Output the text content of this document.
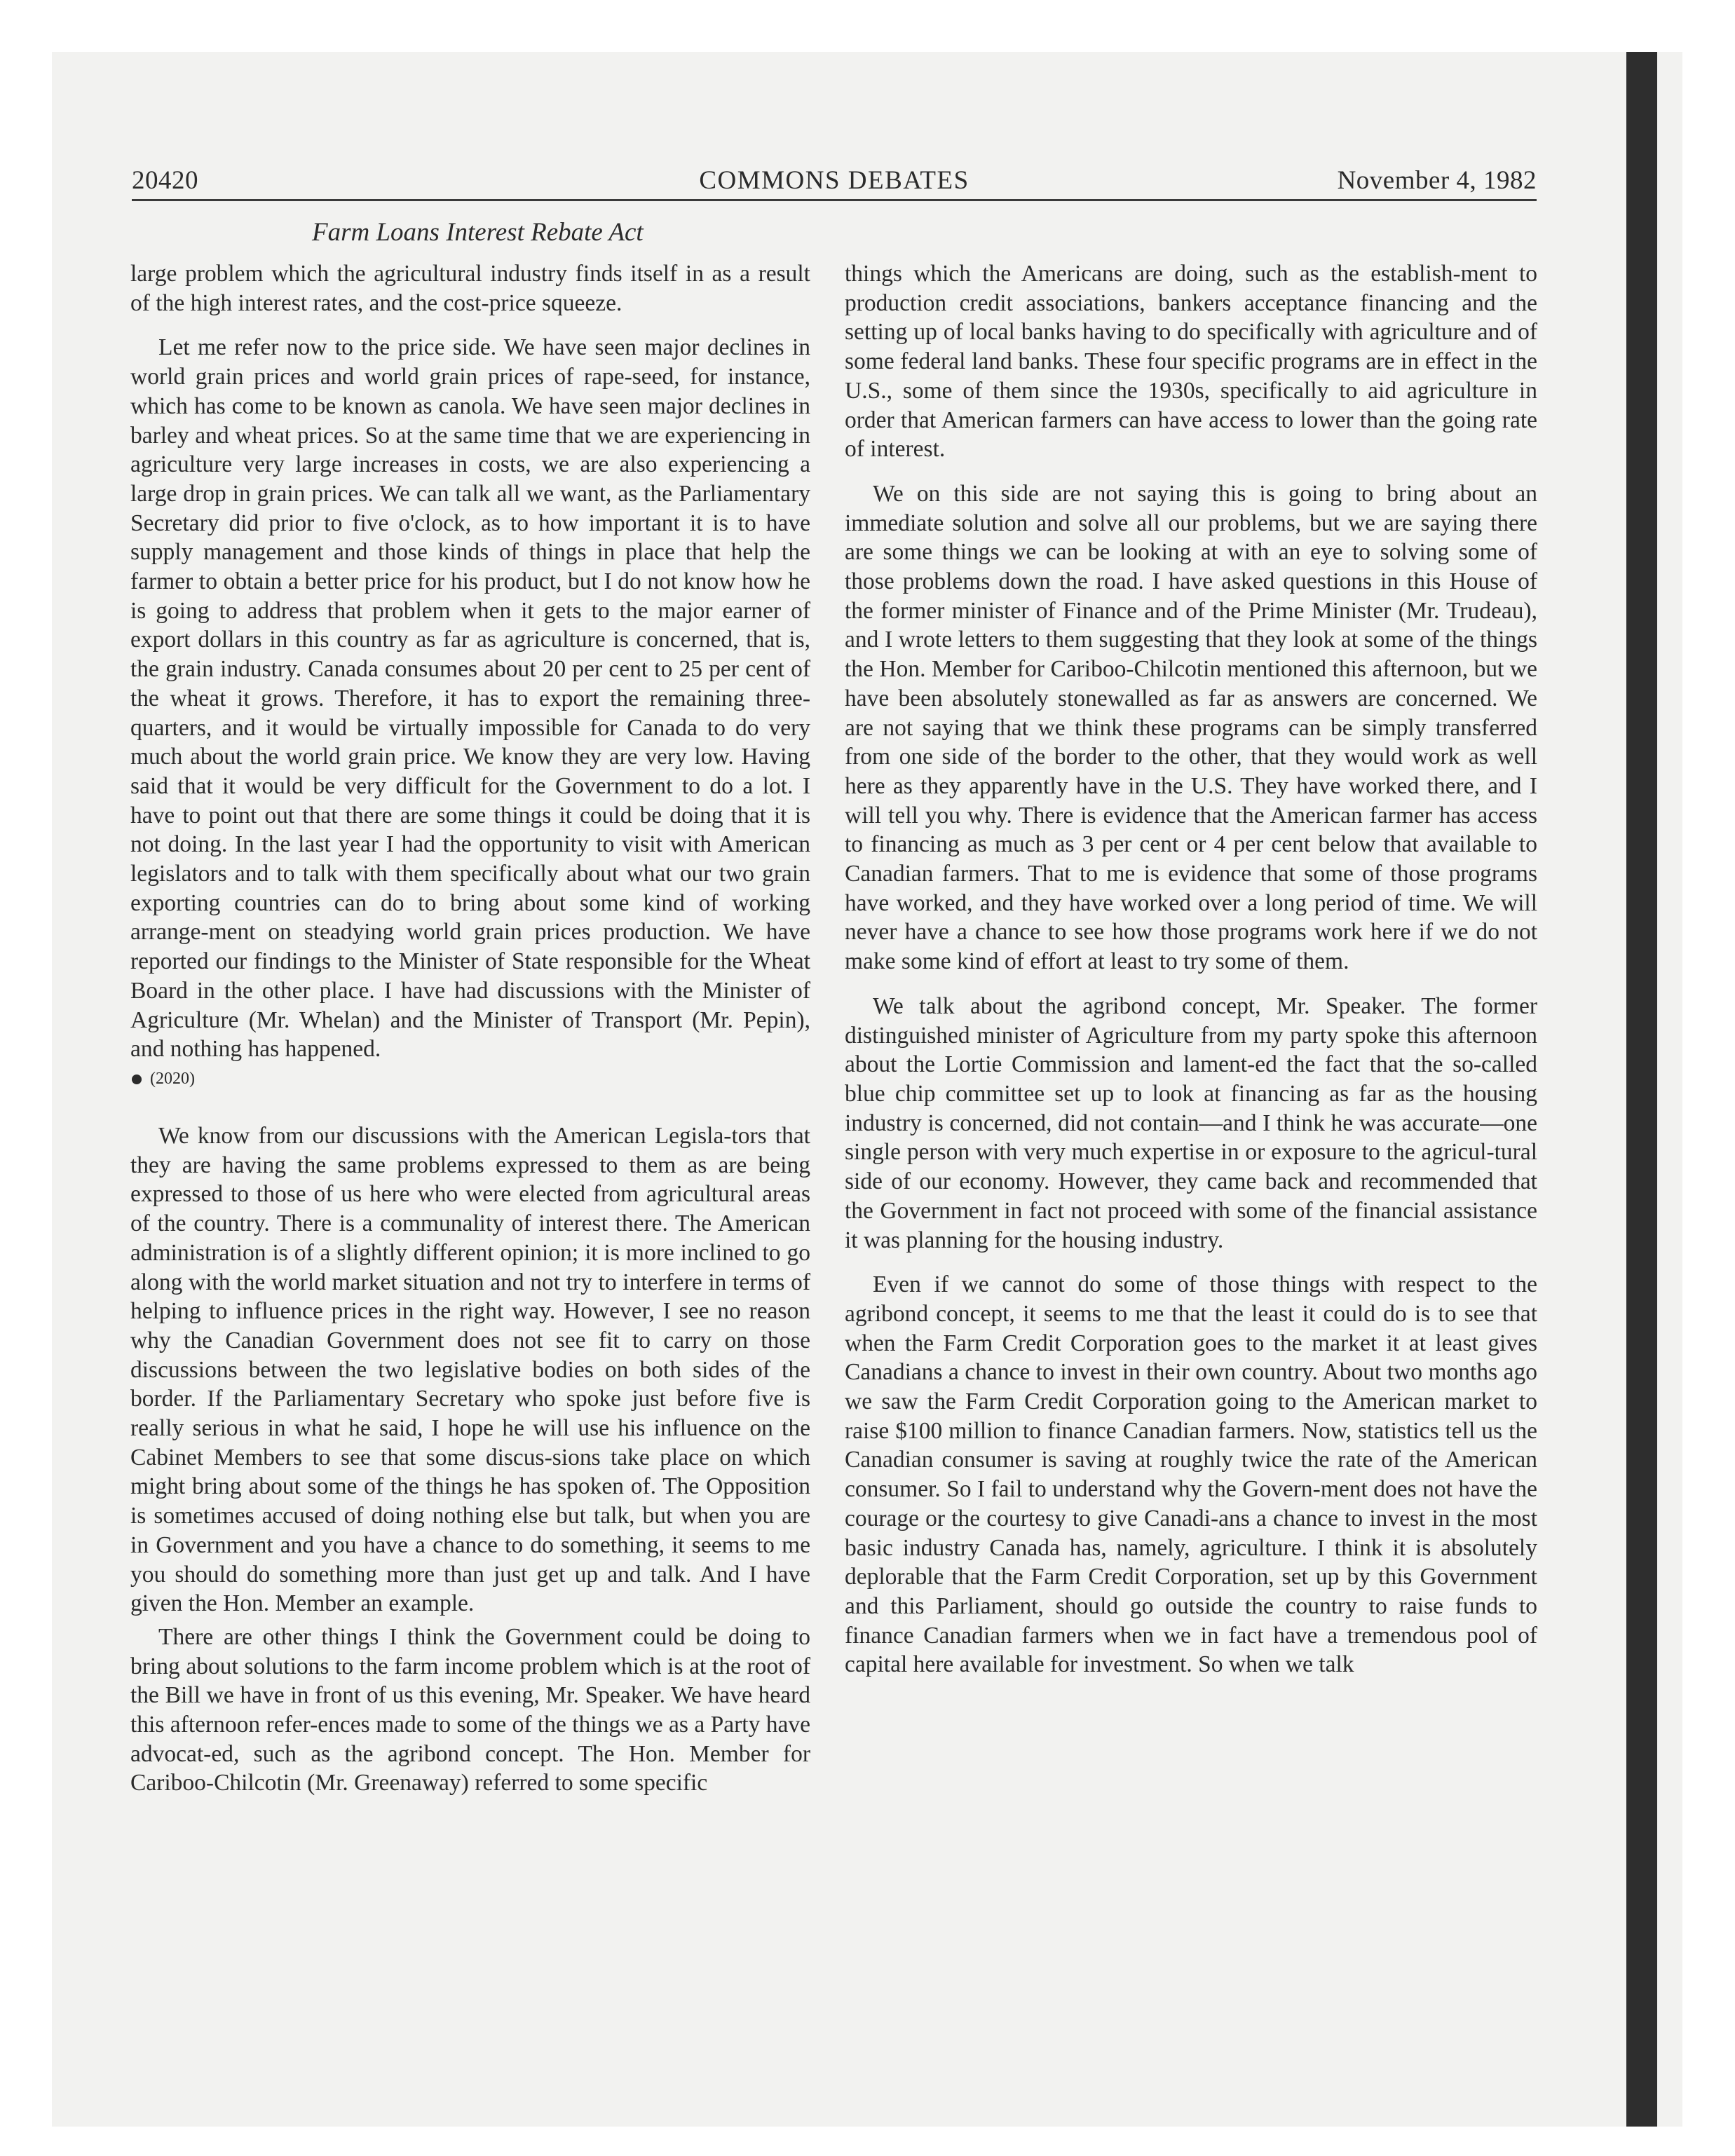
20420	COMMONS DEBATES	November 4, 1982
Farm Loans Interest Rebate Act

large problem which the agricultural industry finds itself in as a result of the high interest rates, and the cost-price squeeze.

Let me refer now to the price side. We have seen major declines in world grain prices and world grain prices of rape-seed, for instance, which has come to be known as canola. We have seen major declines in barley and wheat prices. So at the same time that we are experiencing in agriculture very large increases in costs, we are also experiencing a large drop in grain prices. We can talk all we want, as the Parliamentary Secretary did prior to five o'clock, as to how important it is to have supply management and those kinds of things in place that help the farmer to obtain a better price for his product, but I do not know how he is going to address that problem when it gets to the major earner of export dollars in this country as far as agriculture is concerned, that is, the grain industry. Canada consumes about 20 per cent to 25 per cent of the wheat it grows. Therefore, it has to export the remaining three-quarters, and it would be virtually impossible for Canada to do very much about the world grain price. We know they are very low. Having said that it would be very difficult for the Government to do a lot. I have to point out that there are some things it could be doing that it is not doing. In the last year I had the opportunity to visit with American legislators and to talk with them specifically about what our two grain exporting countries can do to bring about some kind of working arrange-ment on steadying world grain prices production. We have reported our findings to the Minister of State responsible for the Wheat Board in the other place. I have had discussions with the Minister of Agriculture (Mr. Whelan) and the Minister of Transport (Mr. Pepin), and nothing has happened.

(2020)

We know from our discussions with the American Legisla-tors that they are having the same problems expressed to them as are being expressed to those of us here who were elected from agricultural areas of the country. There is a communality of interest there. The American administration is of a slightly different opinion; it is more inclined to go along with the world market situation and not try to interfere in terms of helping to influence prices in the right way. However, I see no reason why the Canadian Government does not see fit to carry on those discussions between the two legislative bodies on both sides of the border. If the Parliamentary Secretary who spoke just before five is really serious in what he said, I hope he will use his influence on the Cabinet Members to see that some discus-sions take place on which might bring about some of the things he has spoken of. The Opposition is sometimes accused of doing nothing else but talk, but when you are in Government and you have a chance to do something, it seems to me you should do something more than just get up and talk. And I have given the Hon. Member an example.

There are other things I think the Government could be doing to bring about solutions to the farm income problem which is at the root of the Bill we have in front of us this evening, Mr. Speaker. We have heard this afternoon refer-ences made to some of the things we as a Party have advocat-ed, such as the agribond concept. The Hon. Member for Cariboo-Chilcotin (Mr. Greenaway) referred to some specific

things which the Americans are doing, such as the establish-ment to production credit associations, bankers acceptance financing and the setting up of local banks having to do specifically with agriculture and of some federal land banks. These four specific programs are in effect in the U.S., some of them since the 1930s, specifically to aid agriculture in order that American farmers can have access to lower than the going rate of interest.

We on this side are not saying this is going to bring about an immediate solution and solve all our problems, but we are saying there are some things we can be looking at with an eye to solving some of those problems down the road. I have asked questions in this House of the former minister of Finance and of the Prime Minister (Mr. Trudeau), and I wrote letters to them suggesting that they look at some of the things the Hon. Member for Cariboo-Chilcotin mentioned this afternoon, but we have been absolutely stonewalled as far as answers are concerned. We are not saying that we think these programs can be simply transferred from one side of the border to the other, that they would work as well here as they apparently have in the U.S. They have worked there, and I will tell you why. There is evidence that the American farmer has access to financing as much as 3 per cent or 4 per cent below that available to Canadian farmers. That to me is evidence that some of those programs have worked, and they have worked over a long period of time. We will never have a chance to see how those programs work here if we do not make some kind of effort at least to try some of them.

We talk about the agribond concept, Mr. Speaker. The former distinguished minister of Agriculture from my party spoke this afternoon about the Lortie Commission and lament-ed the fact that the so-called blue chip committee set up to look at financing as far as the housing industry is concerned, did not contain—and I think he was accurate—one single person with very much expertise in or exposure to the agricul-tural side of our economy. However, they came back and recommended that the Government in fact not proceed with some of the financial assistance it was planning for the housing industry.

Even if we cannot do some of those things with respect to the agribond concept, it seems to me that the least it could do is to see that when the Farm Credit Corporation goes to the market it at least gives Canadians a chance to invest in their own country. About two months ago we saw the Farm Credit Corporation going to the American market to raise $100 million to finance Canadian farmers. Now, statistics tell us the Canadian consumer is saving at roughly twice the rate of the American consumer. So I fail to understand why the Govern-ment does not have the courage or the courtesy to give Canadi-ans a chance to invest in the most basic industry Canada has, namely, agriculture. I think it is absolutely deplorable that the Farm Credit Corporation, set up by this Government and this Parliament, should go outside the country to raise funds to finance Canadian farmers when we in fact have a tremendous pool of capital here available for investment. So when we talk
